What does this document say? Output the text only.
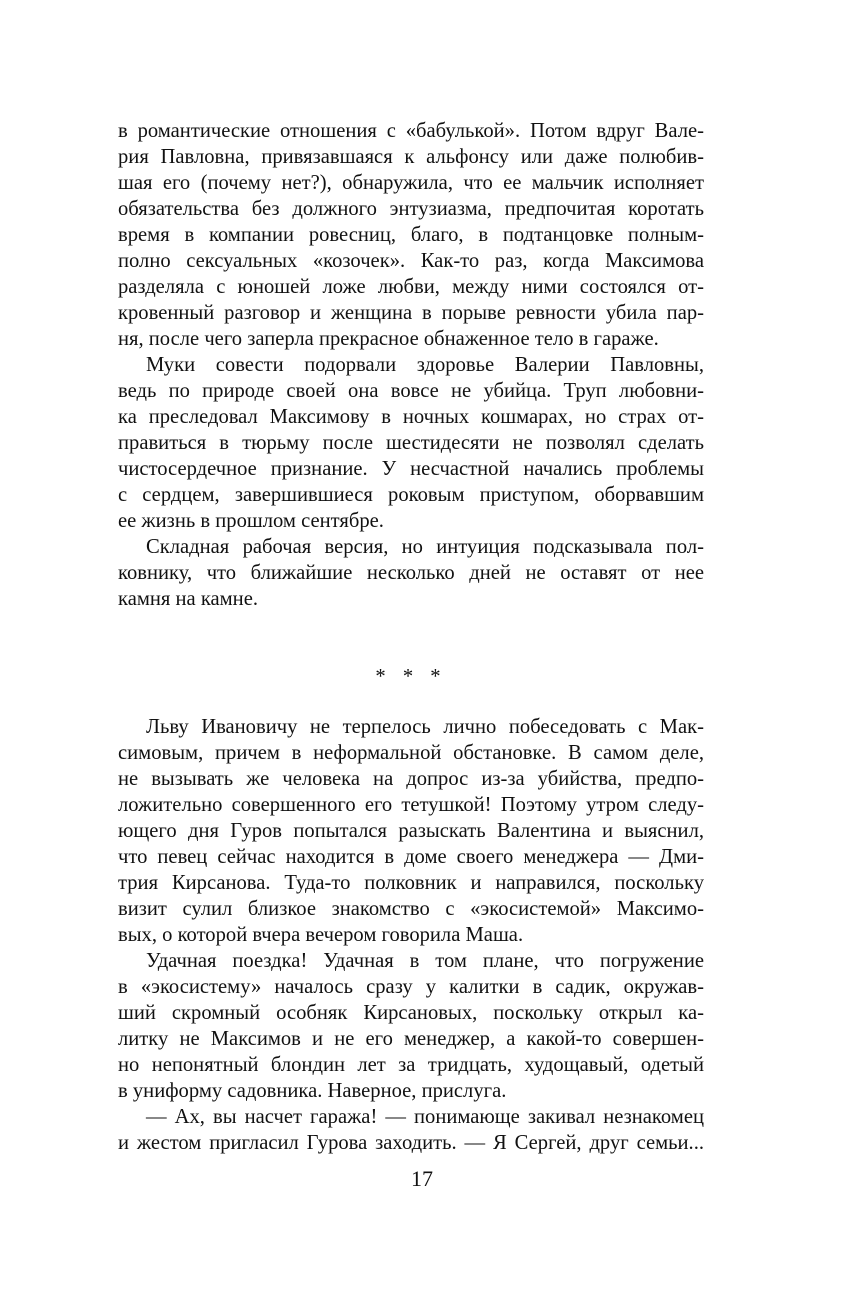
в романтические отношения с «бабулькой». Потом вдруг Вале-
рия Павловна, привязавшаяся к альфонсу или даже полюбив-
шая его (почему нет?), обнаружила, что ее мальчик исполняет
обязательства без должного энтузиазма, предпочитая коротать
время в компании ровесниц, благо, в подтанцовке полным-
полно сексуальных «козочек». Как-то раз, когда Максимова
разделяла с юношей ложе любви, между ними состоялся от-
кровенный разговор и женщина в порыве ревности убила пар-
ня, после чего заперла прекрасное обнаженное тело в гараже.
Муки совести подорвали здоровье Валерии Павловны,
ведь по природе своей она вовсе не убийца. Труп любовни-
ка преследовал Максимову в ночных кошмарах, но страх от-
правиться в тюрьму после шестидесяти не позволял сделать
чистосердечное признание. У несчастной начались проблемы
с сердцем, завершившиеся роковым приступом, оборвавшим
ее жизнь в прошлом сентябре.
Складная рабочая версия, но интуиция подсказывала пол-
ковнику, что ближайшие несколько дней не оставят от нее
камня на камне.
* * *
Льву Ивановичу не терпелось лично побеседовать с Мак-
симовым, причем в неформальной обстановке. В самом деле,
не вызывать же человека на допрос из-за убийства, предпо-
ложительно совершенного его тетушкой! Поэтому утром следу-
ющего дня Гуров попытался разыскать Валентина и выяснил,
что певец сейчас находится в доме своего менеджера — Дми-
трия Кирсанова. Туда-то полковник и направился, поскольку
визит сулил близкое знакомство с «экосистемой» Максимо-
вых, о которой вчера вечером говорила Маша.
Удачная поездка! Удачная в том плане, что погружение
в «экосистему» началось сразу у калитки в садик, окружав-
ший скромный особняк Кирсановых, поскольку открыл ка-
литку не Максимов и не его менеджер, а какой-то совершен-
но непонятный блондин лет за тридцать, худощавый, одетый
в униформу садовника. Наверное, прислуга.
— Ах, вы насчет гаража! — понимающе закивал незнакомец
и жестом пригласил Гурова заходить. — Я Сергей, друг семьи...
17
